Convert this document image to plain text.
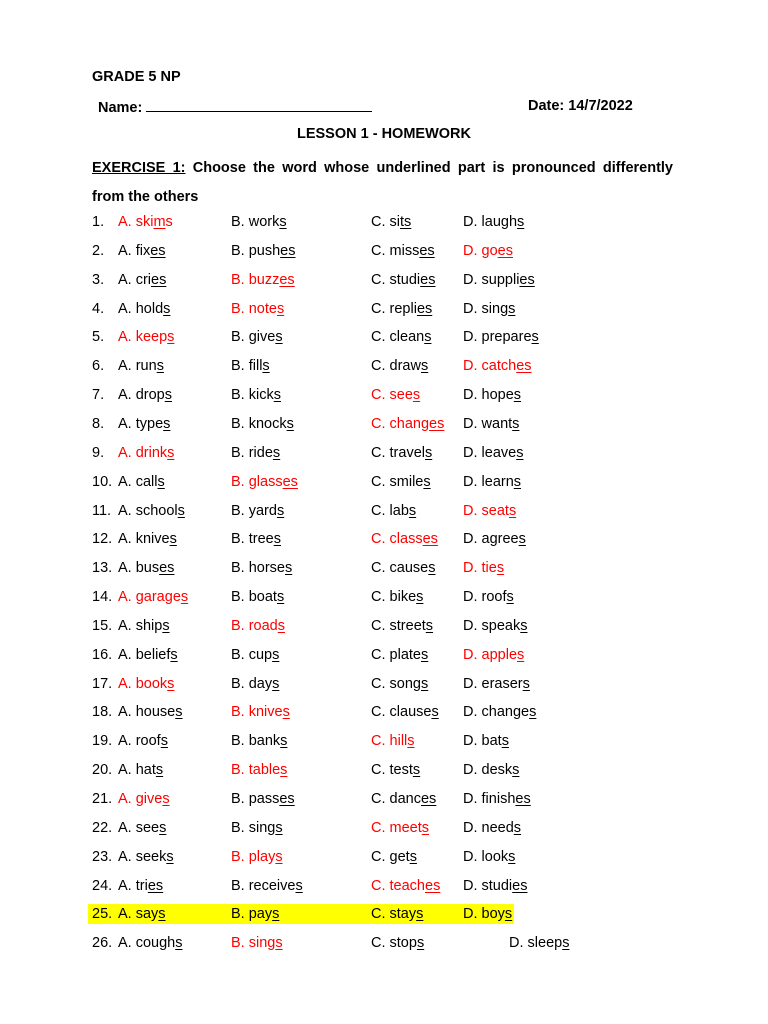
GRADE 5 NP
Name:	Date: 14/7/2022
LESSON 1 - HOMEWORK
EXERCISE 1: Choose the word whose underlined part is pronounced differently from the others
1. A. skims	B. works	C. sits	D. laughs
2. A. fixes	B. pushes	C. misses D. goes
3. A. cries	B. buzzes	C. studies D. supplies
4. A. holds	B. notes	C. replies D. sings
5. A. keeps	B. gives	C. cleans D. prepares
6. A. runs	B. fills	C. draws D. catches
7. A. drops	B. kicks	C. sees	D. hopes
8. A. types	B. knocks	C. changes D. wants
9. A. drinks	B. rides	C. travels D. leaves
10. A. calls	B. glasses	C. smiles D. learns
11. A. schools	B. yards	C. labs	D. seats
12. A. knives	B. trees	C. classes D. agrees
13. A. buses	B. horses	C. causes D. ties
14. A. garages	B. boats	C. bikes	D. roofs
15. A. ships	B. roads	C. streets D. speaks
16. A. beliefs	B. cups	C. plates D. apples
17. A. books	B. days	C. songs D. erasers
18. A. houses	B. knives	C. clauses D. changes
19. A. roofs	B. banks	C. hills	D. bats
20. A. hats	B. tables	C. tests	D. desks
21. A. gives	B. passes	C. dances D. finishes
22. A. sees	B. sings	C. meets D. needs
23. A. seeks	B. plays	C. gets	D. looks
24. A. tries	B. receives	C. teaches D. studies
25. A. says	B. pays	C. stays	D. boys
26. A. coughs	B. sings	C. stops	D. sleeps
